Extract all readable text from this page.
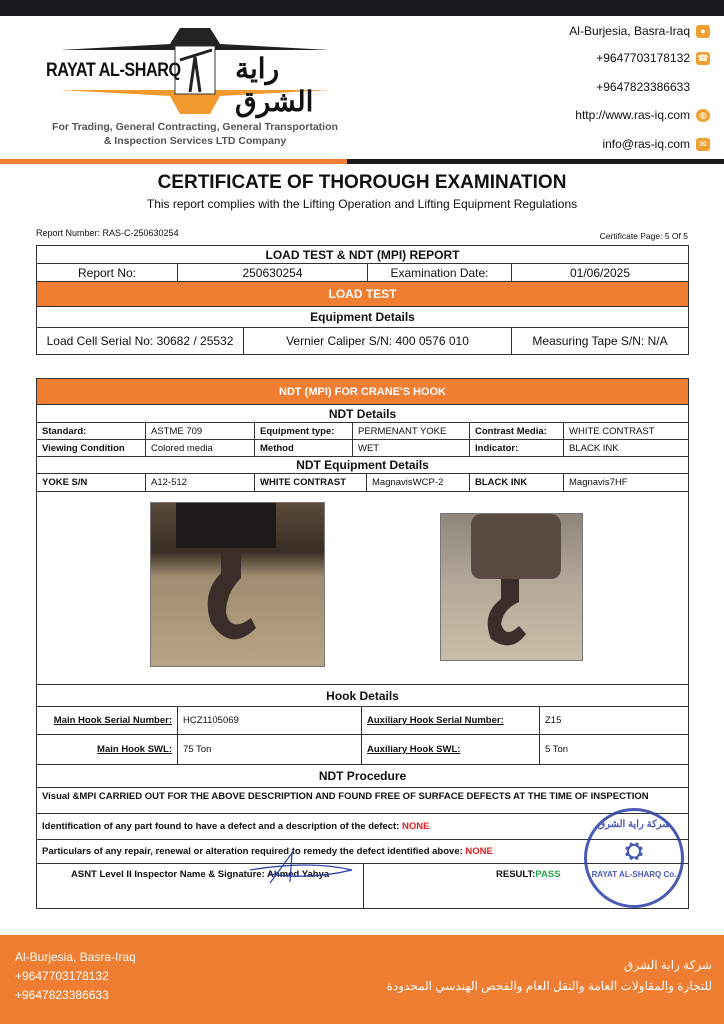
RAYAT AL-SHARQ راية الشرق
For Trading, General Contracting, General Transportation
& Inspection Services LTD Company
Al-Burjesia, Basra-Iraq ●
+9647703178132 ☎
+9647823386633
http://www.ras-iq.com ◍
info@ras-iq.com ✉
CERTIFICATE OF THOROUGH EXAMINATION
This report complies with the Lifting Operation and Lifting Equipment Regulations
Report Number: RAS-C-250630254	Certificate Page: 5 Of 5
LOAD TEST & NDT (MPI) REPORT
Report No:	250630254	Examination Date:	01/06/2025
LOAD TEST
Equipment Details
Load Cell Serial No: 30682 / 25532	Vernier Caliper S/N: 400 0576 010	Measuring Tape S/N: N/A
NDT (MPI) FOR CRANE'S HOOK
NDT Details
Standard:	ASTME 709	Equipment type:	PERMENANT YOKE	Contrast Media:	WHITE CONTRAST
Viewing Condition	Colored media	Method	WET	Indicator:	BLACK INK
NDT Equipment Details
YOKE S/N	A12-512	WHITE CONTRAST	MagnavisWCP-2	BLACK INK	Magnavis7HF
Hook Details
Main Hook Serial Number:	HCZ1105069	Auxiliary Hook Serial Number:	Z15
Main Hook SWL:	75 Ton	Auxiliary Hook SWL:	5 Ton
NDT Procedure
Visual &MPI CARRIED OUT FOR THE ABOVE DESCRIPTION AND FOUND FREE OF SURFACE DEFECTS AT THE TIME OF INSPECTION
Identification of any part found to have a defect and a description of the defect:
NONE
Particulars of any repair, renewal or alteration required to remedy the defect identified above:
NONE
ASNT Level II Inspector Name & Signature: Ahmed Yahya	RESULT: PASS
شركة راية الشرق
⛭
RAYAT AL-SHARQ Co.
Al-Burjesia, Basra-Iraq
+9647703178132
+9647823386633
شركة راية الشرق
للتجارة والمقاولات العامة والنقل العام والفحص الهندسي المحدودة
